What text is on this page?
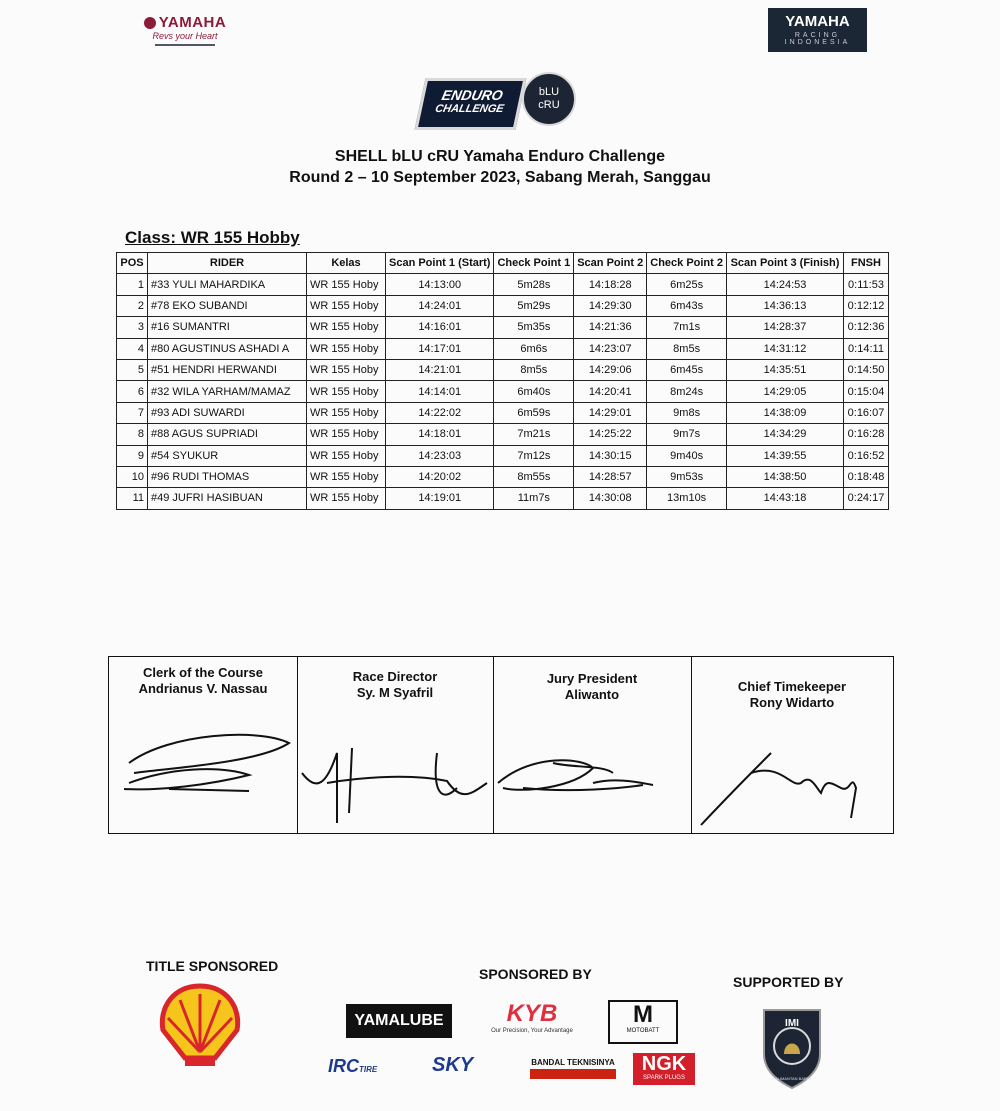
YAMAHA
Revs your Heart
YAMAHA
RACING INDONESIA
ENDURO
CHALLENGE
bLU
cRU
SHELL bLU cRU Yamaha Enduro Challenge
Round 2 – 10 September 2023, Sabang Merah, Sanggau
Class: WR 155 Hobby
POS	RIDER	Kelas	Scan Point 1 (Start)	Check Point 1	Scan Point 2	Check Point 2	Scan Point 3 (Finish)	FNSH
1	#33 YULI MAHARDIKA	WR 155 Hoby	14:13:00	5m28s	14:18:28	6m25s	14:24:53	0:11:53
2	#78 EKO SUBANDI	WR 155 Hoby	14:24:01	5m29s	14:29:30	6m43s	14:36:13	0:12:12
3	#16 SUMANTRI	WR 155 Hoby	14:16:01	5m35s	14:21:36	7m1s	14:28:37	0:12:36
4	#80 AGUSTINUS ASHADI A	WR 155 Hoby	14:17:01	6m6s	14:23:07	8m5s	14:31:12	0:14:11
5	#51 HENDRI HERWANDI	WR 155 Hoby	14:21:01	8m5s	14:29:06	6m45s	14:35:51	0:14:50
6	#32 WILA YARHAM/MAMAZ	WR 155 Hoby	14:14:01	6m40s	14:20:41	8m24s	14:29:05	0:15:04
7	#93 ADI SUWARDI	WR 155 Hoby	14:22:02	6m59s	14:29:01	9m8s	14:38:09	0:16:07
8	#88 AGUS SUPRIADI	WR 155 Hoby	14:18:01	7m21s	14:25:22	9m7s	14:34:29	0:16:28
9	#54 SYUKUR	WR 155 Hoby	14:23:03	7m12s	14:30:15	9m40s	14:39:55	0:16:52
10	#96 RUDI THOMAS	WR 155 Hoby	14:20:02	8m55s	14:28:57	9m53s	14:38:50	0:18:48
11	#49 JUFRI HASIBUAN	WR 155 Hoby	14:19:01	11m7s	14:30:08	13m10s	14:43:18	0:24:17
Clerk of the Course
Andrianus V. Nassau
Race Director
Sy. M Syafril
Jury President
Aliwanto
Chief Timekeeper
Rony Widarto
TITLE SPONSORED	SPONSORED BY	SUPPORTED BY
YAMALUBE	KYB
Our Precision, Your Advantage
M
MOTOBATT
IRCTIRE	SKY	BANDAL TEKNISINYA	NGK
SPARK PLUGS
IMI
KALIMANTAN BARAT
